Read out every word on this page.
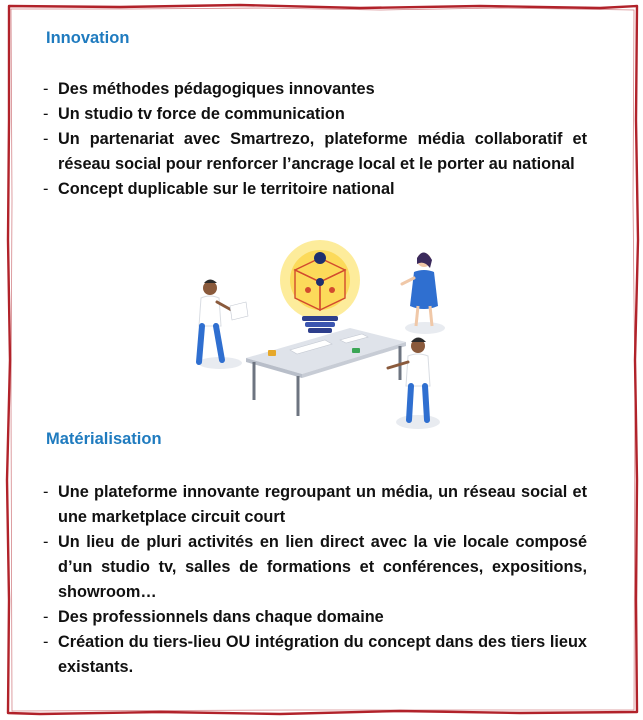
Innovation
- Des méthodes pédagogiques innovantes
- Un studio tv force de communication
- Un partenariat avec Smartrezo, plateforme média collaboratif et réseau social pour renforcer l’ancrage local et le porter au national
- Concept duplicable sur le territoire national
Matérialisation
- Une plateforme innovante regroupant un média, un réseau social et une marketplace circuit court
- Un lieu de pluri activités en lien direct avec la vie locale composé d’un studio tv, salles de formations et conférences, expositions, showroom…
- Des professionnels dans chaque domaine
- Création du tiers-lieu OU intégration du concept dans des tiers lieux existants.
